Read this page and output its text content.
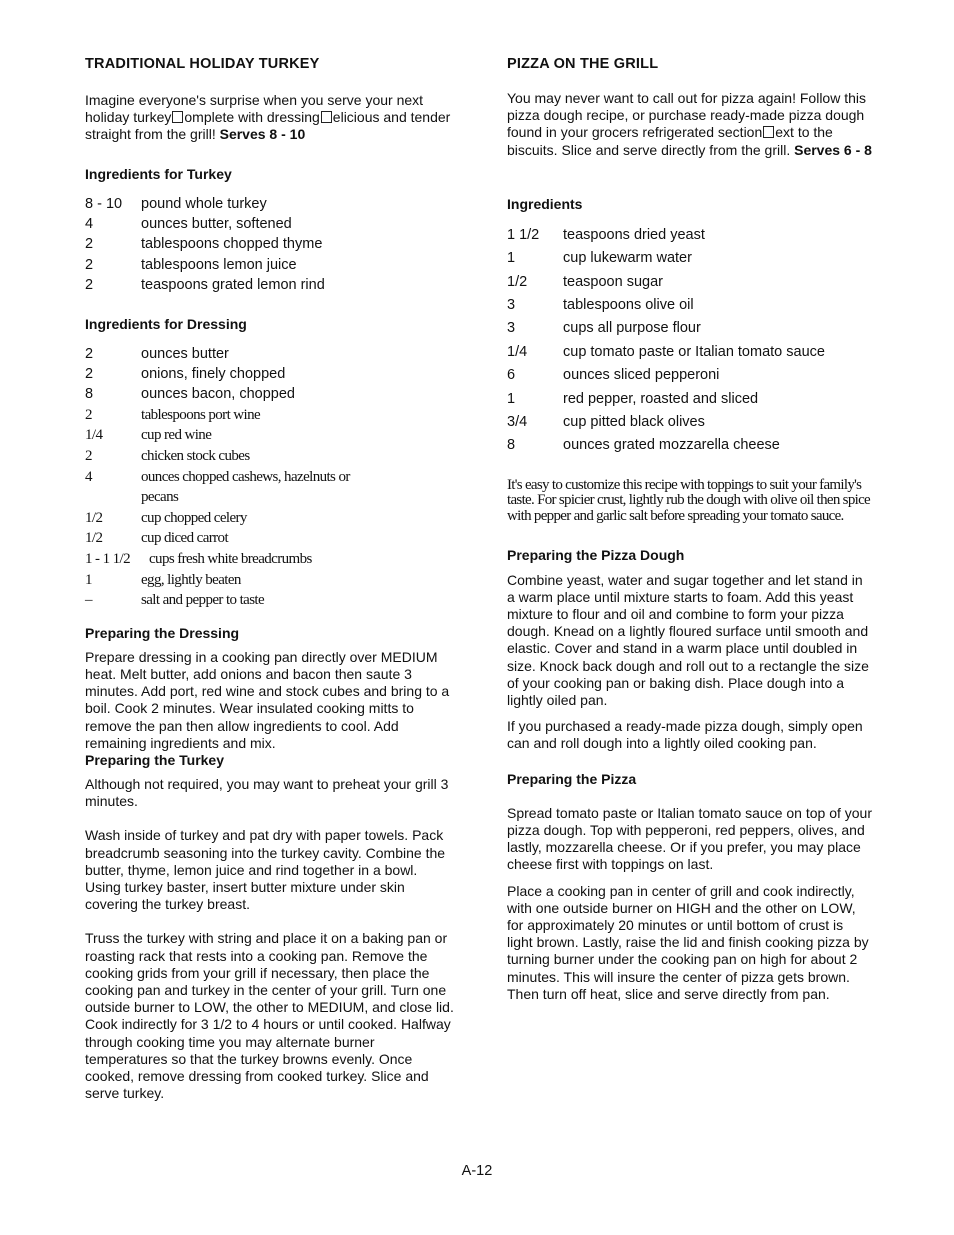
TRADITIONAL HOLIDAY TURKEY

Imagine everyone's surprise when you serve your next holiday turkey omplete with dressing elicious and tender straight from the grill! Serves 8 - 10

Ingredients for Turkey
8 - 10	pound whole turkey
4	ounces butter, softened
2	tablespoons chopped thyme
2	tablespoons lemon juice
2	teaspoons grated lemon rind
Ingredients for Dressing
2	ounces butter
2	onions, finely chopped
8	ounces bacon, chopped
2	tablespoons port wine
1/4	cup red wine
2	chicken stock cubes
4	ounces chopped cashews, hazelnuts or
pecans
1/2	cup chopped celery
1/2	cup diced carrot
1 - 1 1/2	cups fresh white breadcrumbs
1	egg, lightly beaten
–	salt and pepper to taste
Preparing the Dressing

Prepare dressing in a cooking pan directly over MEDIUM heat. Melt butter, add onions and bacon then saute 3 minutes. Add port, red wine and stock cubes and bring to a boil. Cook 2 minutes. Wear insulated cooking mitts to remove the pan then allow ingredients to cool. Add remaining ingredients and mix.

Preparing the Turkey

Although not required, you may want to preheat your grill 3 minutes.

Wash inside of turkey and pat dry with paper towels. Pack breadcrumb seasoning into the turkey cavity. Combine the butter, thyme, lemon juice and rind together in a bowl. Using turkey baster, insert butter mixture under skin covering the turkey breast.

Truss the turkey with string and place it on a baking pan or roasting rack that rests into a cooking pan. Remove the cooking grids from your grill if necessary, then place the cooking pan and turkey in the center of your grill. Turn one outside burner to LOW, the other to MEDIUM, and close lid. Cook indirectly for 3 1/2 to 4 hours or until cooked. Halfway through cooking time you may alternate burner temperatures so that the turkey browns evenly. Once cooked, remove dressing from cooked turkey. Slice and serve turkey.

PIZZA ON THE GRILL

You may never want to call out for pizza again! Follow this pizza dough recipe, or purchase ready-made pizza dough found in your grocers refrigerated section ext to the biscuits. Slice and serve directly from the grill. Serves 6 - 8

Ingredients
1 1/2	teaspoons dried yeast
1	cup lukewarm water
1/2	teaspoon sugar
3	tablespoons olive oil
3	cups all purpose flour
1/4	cup tomato paste or Italian tomato sauce
6	ounces sliced pepperoni
1	red pepper, roasted and sliced
3/4	cup pitted black olives
8	ounces grated mozzarella cheese

It's easy to customize this recipe with toppings to suit your family's taste. For spicier crust, lightly rub the dough with olive oil then spice with pepper and garlic salt before spreading your tomato sauce.

Preparing the Pizza Dough

Combine yeast, water and sugar together and let stand in a warm place until mixture starts to foam. Add this yeast mixture to flour and oil and combine to form your pizza dough. Knead on a lightly floured surface until smooth and elastic. Cover and stand in a warm place until doubled in size. Knock back dough and roll out to a rectangle the size of your cooking pan or baking dish. Place dough into a lightly oiled pan.

If you purchased a ready-made pizza dough, simply open can and roll dough into a lightly oiled cooking pan.

Preparing the Pizza

Spread tomato paste or Italian tomato sauce on top of your pizza dough. Top with pepperoni, red peppers, olives, and lastly, mozzarella cheese. Or if you prefer, you may place cheese first with toppings on last.

Place a cooking pan in center of grill and cook indirectly, with one outside burner on HIGH and the other on LOW, for approximately 20 minutes or until bottom of crust is light brown. Lastly, raise the lid and finish cooking pizza by turning burner under the cooking pan on high for about 2 minutes. This will insure the center of pizza gets brown. Then turn off heat, slice and serve directly from pan.

A-12
